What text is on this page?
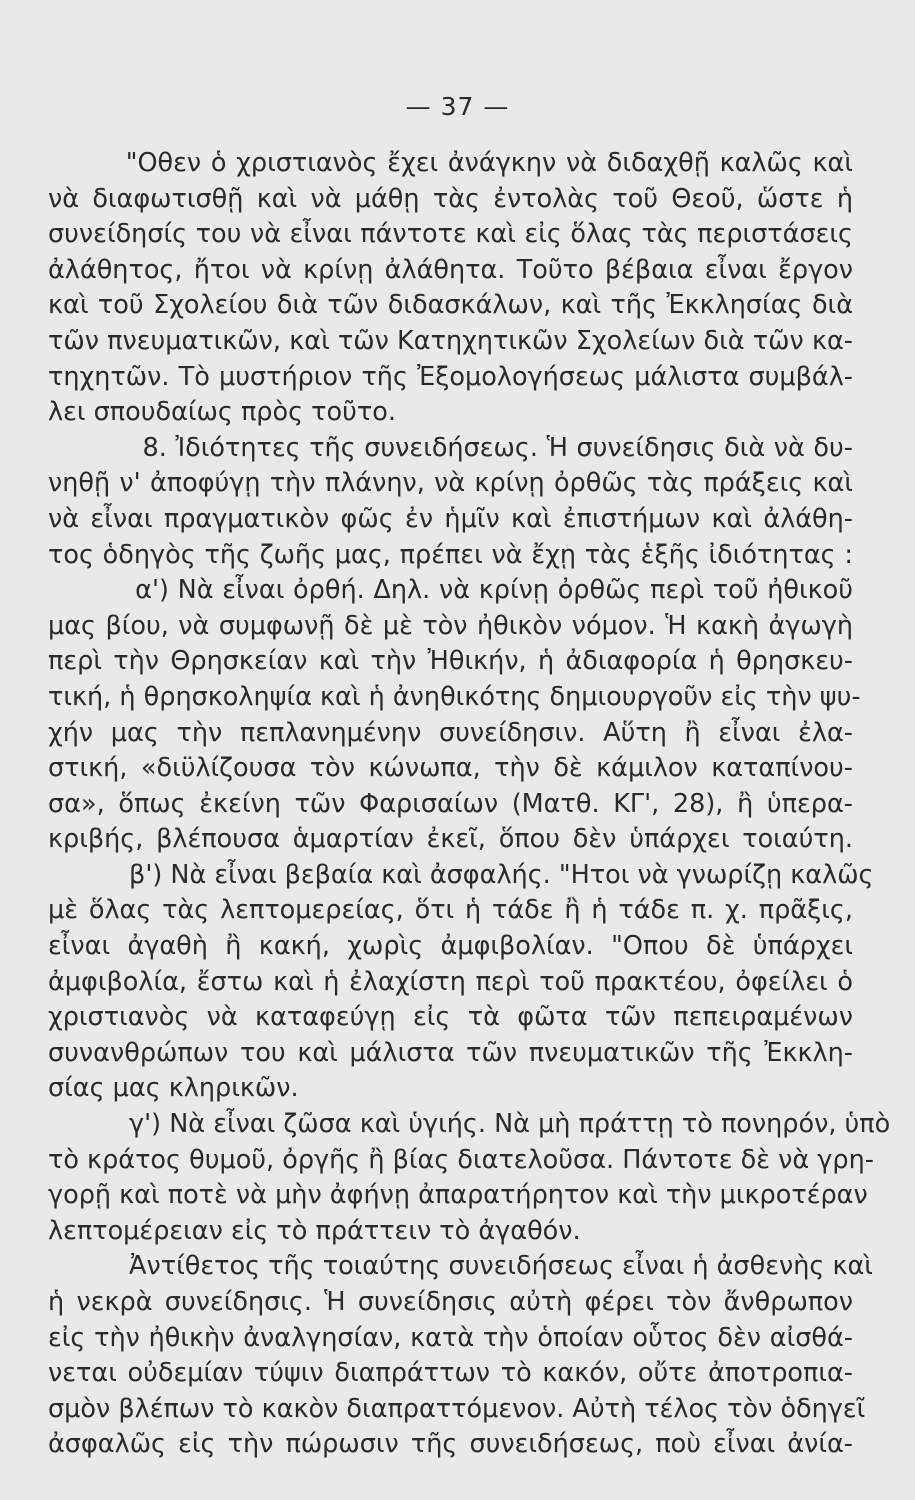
— 37 —
"Οθεν ὁ χριστιανὸς ἔχει ἀνάγκην νὰ διδαχθῇ καλῶς καὶ
νὰ διαφωτισθῇ καὶ νὰ μάθῃ τὰς ἐντολὰς τοῦ Θεοῦ, ὥστε ἡ
συνείδησίς του νὰ εἶναι πάντοτε καὶ εἰς ὅλας τὰς περιστάσεις
ἀλάθητος, ἤτοι νὰ κρίνῃ ἀλάθητα. Τοῦτο βέβαια εἶναι ἔργον
καὶ τοῦ Σχολείου διὰ τῶν διδασκάλων, καὶ τῆς Ἐκκλησίας διὰ
τῶν πνευματικῶν, καὶ τῶν Κατηχητικῶν Σχολείων διὰ τῶν κα-
τηχητῶν. Τὸ μυστήριον τῆς Ἐξομολογήσεως μάλιστα συμβάλ-
λει σπουδαίως πρὸς τοῦτο.
8. Ἰδιότητες τῆς συνειδήσεως. Ἡ συνείδησις διὰ νὰ δυ-
νηθῇ ν' ἀποφύγῃ τὴν πλάνην, νὰ κρίνῃ ὀρθῶς τὰς πράξεις καὶ
νὰ εἶναι πραγματικὸν φῶς ἐν ἡμῖν καὶ ἐπιστήμων καὶ ἀλάθη-
τος ὁδηγὸς τῆς ζωῆς μας, πρέπει νὰ ἔχῃ τὰς ἑξῆς ἰδιότητας :
α') Νὰ εἶναι ὀρθή. Δηλ. νὰ κρίνῃ ὀρθῶς περὶ τοῦ ἠθικοῦ
μας βίου, νὰ συμφωνῇ δὲ μὲ τὸν ἠθικὸν νόμον. Ἡ κακὴ ἀγωγὴ
περὶ τὴν Θρησκείαν καὶ τὴν Ἠθικήν, ἡ ἀδιαφορία ἡ θρησκευ-
τική, ἡ θρησκοληψία καὶ ἡ ἀνηθικότης δημιουργοῦν εἰς τὴν ψυ-
χήν μας τὴν πεπλανημένην συνείδησιν. Αὕτη ἢ εἶναι ἐλα-
στική, «διϋλίζουσα τὸν κώνωπα, τὴν δὲ κάμιλον καταπίνου-
σα», ὅπως ἐκείνη τῶν Φαρισαίων (Ματθ. ΚΓ', 28), ἢ ὑπερα-
κριβής, βλέπουσα ἁμαρτίαν ἐκεῖ, ὅπου δὲν ὑπάρχει τοιαύτη.
β') Νὰ εἶναι βεβαία καὶ ἀσφαλής. "Ητοι νὰ γνωρίζῃ καλῶς
μὲ ὅλας τὰς λεπτομερείας, ὅτι ἡ τάδε ἢ ἡ τάδε π. χ. πρᾶξις,
εἶναι ἀγαθὴ ἢ κακή, χωρὶς ἀμφιβολίαν. "Οπου δὲ ὑπάρχει
ἀμφιβολία, ἔστω καὶ ἡ ἐλαχίστη περὶ τοῦ πρακτέου, ὀφείλει ὁ
χριστιανὸς νὰ καταφεύγῃ εἰς τὰ φῶτα τῶν πεπειραμένων
συνανθρώπων του καὶ μάλιστα τῶν πνευματικῶν τῆς Ἐκκλη-
σίας μας κληρικῶν.
γ') Νὰ εἶναι ζῶσα καὶ ὑγιής. Νὰ μὴ πράττῃ τὸ πονηρόν, ὑπὸ
τὸ κράτος θυμοῦ, ὀργῆς ἢ βίας διατελοῦσα. Πάντοτε δὲ νὰ γρη-
γορῇ καὶ ποτὲ νὰ μὴν ἀφήνῃ ἀπαρατήρητον καὶ τὴν μικροτέραν
λεπτομέρειαν εἰς τὸ πράττειν τὸ ἀγαθόν.
Ἀντίθετος τῆς τοιαύτης συνειδήσεως εἶναι ἡ ἀσθενὴς καὶ
ἡ νεκρὰ συνείδησις. Ἡ συνείδησις αὐτὴ φέρει τὸν ἄνθρωπον
εἰς τὴν ἠθικὴν ἀναλγησίαν, κατὰ τὴν ὁποίαν οὗτος δὲν αἰσθά-
νεται οὐδεμίαν τύψιν διαπράττων τὸ κακόν, οὔτε ἀποτροπια-
σμὸν βλέπων τὸ κακὸν διαπραττόμενον. Αὐτὴ τέλος τὸν ὁδηγεῖ
ἀσφαλῶς εἰς τὴν πώρωσιν τῆς συνειδήσεως, ποὺ εἶναι ἀνία-
